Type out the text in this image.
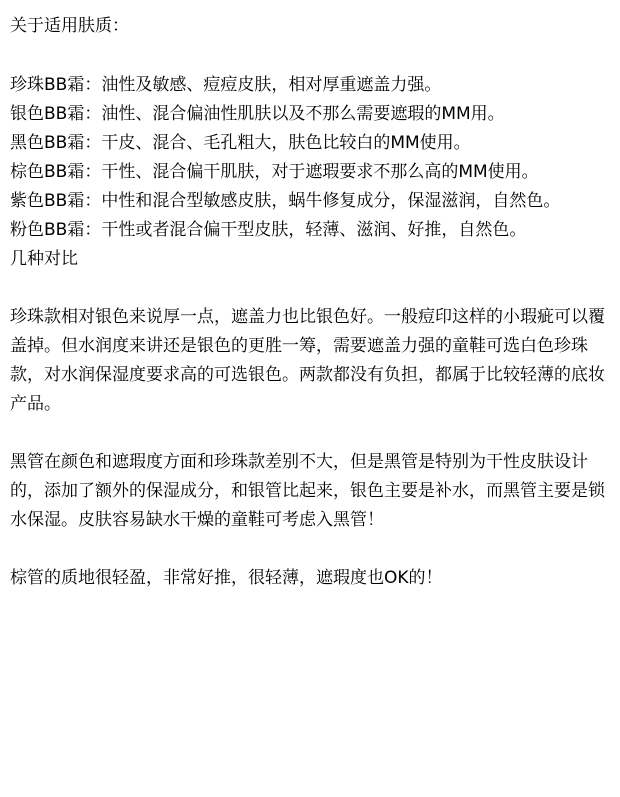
关于适用肤质：

珍珠BB霜：油性及敏感、痘痘皮肤，相对厚重遮盖力强。

银色BB霜：油性、混合偏油性肌肤以及不那么需要遮瑕的MM用。

黑色BB霜：干皮、混合、毛孔粗大，肤色比较白的MM使用。

棕色BB霜：干性、混合偏干肌肤，对于遮瑕要求不那么高的MM使用。

紫色BB霜：中性和混合型敏感皮肤，蜗牛修复成分，保湿滋润，自然色。

粉色BB霜：干性或者混合偏干型皮肤，轻薄、滋润、好推，自然色。

几种对比

珍珠款相对银色来说厚一点，遮盖力也比银色好。一般痘印这样的小瑕疵可以覆盖掉。但水润度来讲还是银色的更胜一筹，需要遮盖力强的童鞋可选白色珍珠款，对水润保湿度要求高的可选银色。两款都没有负担，都属于比较轻薄的底妆产品。

黑管在颜色和遮瑕度方面和珍珠款差别不大，但是黑管是特别为干性皮肤设计的，添加了额外的保湿成分，和银管比起来，银色主要是补水，而黑管主要是锁水保湿。皮肤容易缺水干燥的童鞋可考虑入黑管！

棕管的质地很轻盈，非常好推，很轻薄，遮瑕度也OK的！
